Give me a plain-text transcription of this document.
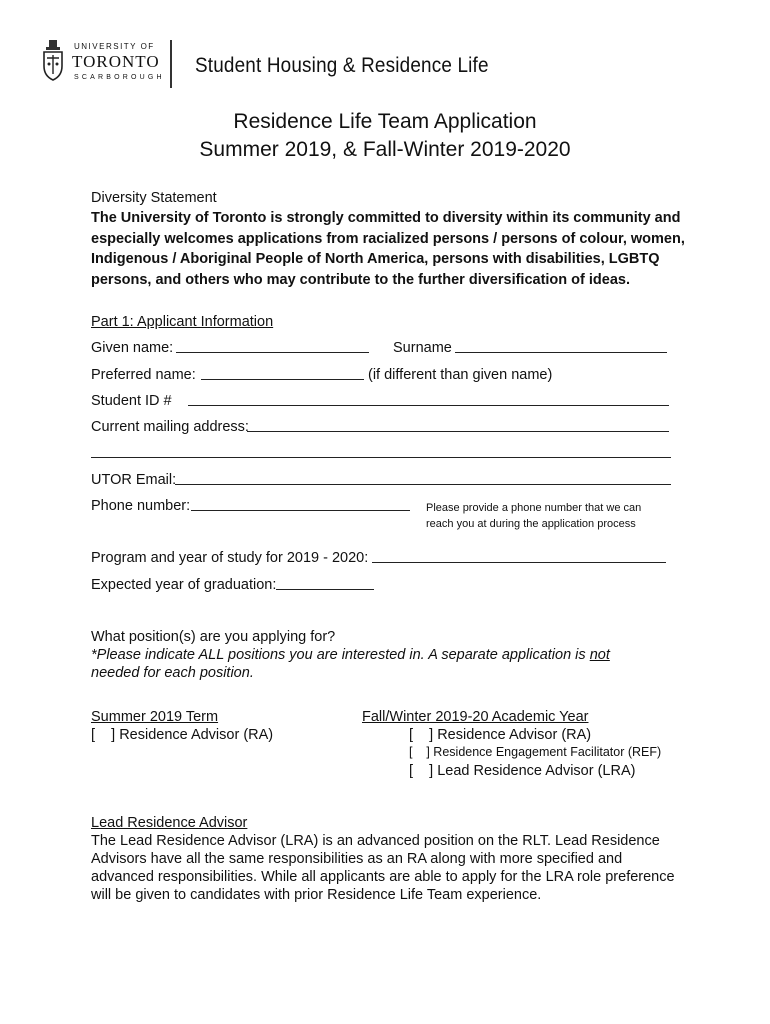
UNIVERSITY OF
TORONTO
SCARBOROUGH
Student Housing & Residence Life
Residence Life Team Application
Summer 2019, & Fall-Winter 2019-2020
Diversity Statement
The University of Toronto is strongly committed to diversity within its community and especially welcomes applications from racialized persons / persons of colour, women, Indigenous / Aboriginal People of North America, persons with disabilities, LGBTQ persons, and others who may contribute to the further diversification of ideas.
Part 1: Applicant Information
Given name:	Surname
Preferred name:	(if different than given name)
Student ID #
Current mailing address:
UTOR Email:
Phone number:	Please provide a phone number that we can
reach you at during the application process
Program and year of study for 2019 - 2020:
Expected year of graduation:
What position(s) are you applying for?
*Please indicate ALL positions you are interested in. A separate application is not
needed for each position.
Summer 2019 Term
[    ] Residence Advisor (RA)
Fall/Winter 2019-20 Academic Year
[    ] Residence Advisor (RA)
[    ] Residence Engagement Facilitator (REF)
[    ] Lead Residence Advisor (LRA)
Lead Residence Advisor
The Lead Residence Advisor (LRA) is an advanced position on the RLT. Lead Residence
Advisors have all the same responsibilities as an RA along with more specified and
advanced responsibilities. While all applicants are able to apply for the LRA role preference
will be given to candidates with prior Residence Life Team experience.
